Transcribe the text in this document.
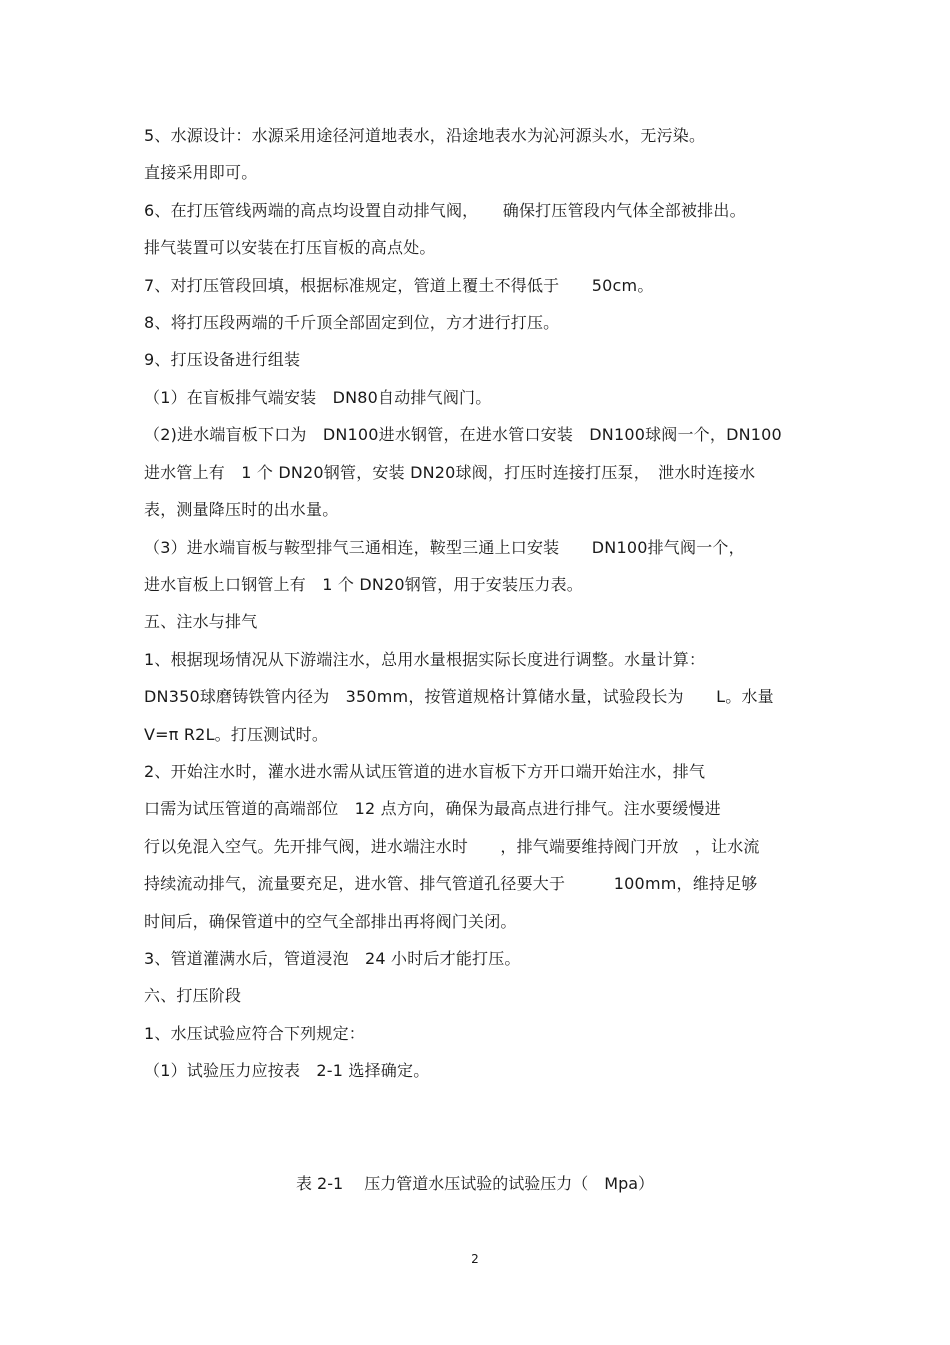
5、水源设计：水源采用途径河道地表水，沿途地表水为沁河源头水，无污染。
直接采用即可。
6、在打压管线两端的高点均设置自动排气阀，　　确保打压管段内气体全部被排出。
排气装置可以安装在打压盲板的高点处。
7、对打压管段回填，根据标准规定，管道上覆土不得低于　　50cm。
8、将打压段两端的千斤顶全部固定到位，方才进行打压。
9、打压设备进行组装
（1）在盲板排气端安装　DN80自动排气阀门。
（2)进水端盲板下口为　DN100进水钢管，在进水管口安装　DN100球阀一个，DN100
进水管上有　1 个 DN20钢管，安装 DN20球阀，打压时连接打压泵，　泄水时连接水
表，测量降压时的出水量。
（3）进水端盲板与鞍型排气三通相连，鞍型三通上口安装　　DN100排气阀一个，
进水盲板上口钢管上有　1 个 DN20钢管，用于安装压力表。
五、注水与排气
1、根据现场情况从下游端注水，总用水量根据实际长度进行调整。水量计算：
DN350球磨铸铁管内径为　350mm，按管道规格计算储水量，试验段长为　　L。水量
V=π R2L。打压测试时。
2、开始注水时，灌水进水需从试压管道的进水盲板下方开口端开始注水，排气
口需为试压管道的高端部位　12 点方向，确保为最高点进行排气。注水要缓慢进
行以免混入空气。先开排气阀，进水端注水时　　，排气端要维持阀门开放　，让水流
持续流动排气，流量要充足，进水管、排气管道孔径要大于　　　100mm，维持足够
时间后，确保管道中的空气全部排出再将阀门关闭。
3、管道灌满水后，管道浸泡　24 小时后才能打压。
六、打压阶段
1、水压试验应符合下列规定：
（1）试验压力应按表　2-1 选择确定。
表 2-1　 压力管道水压试验的试验压力（　Mpa）
2
